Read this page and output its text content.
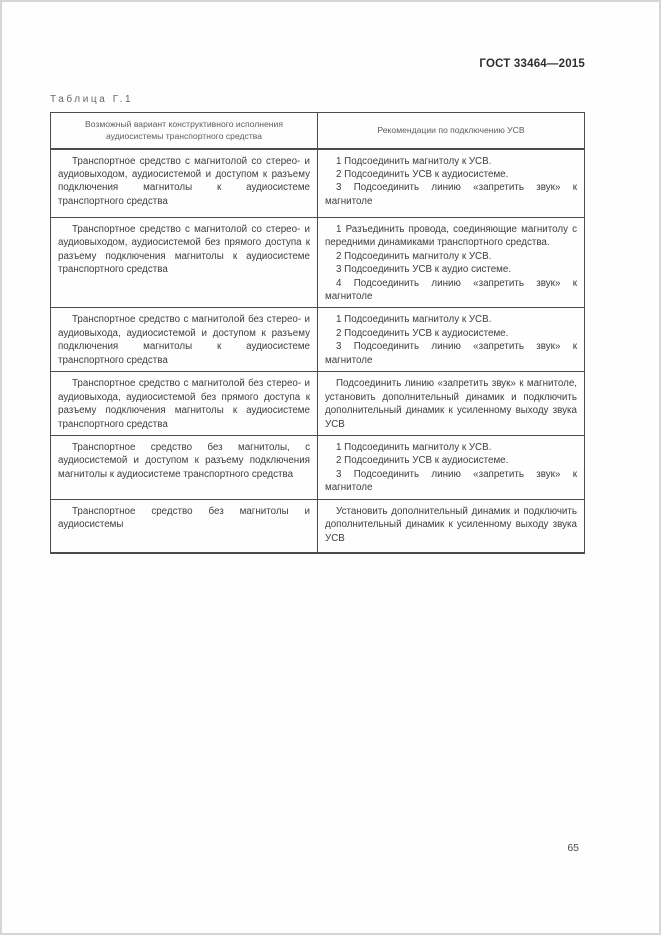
ГОСТ 33464—2015
Таблица Г.1
Возможный вариант конструктивного исполнения аудиосистемы транспортного средства	Рекомендации по подключению УСВ

Транспортное средство с магнитолой со стерео- и аудиовыходом, аудиосистемой и доступом к разъему подключения магнитолы к аудиосистеме транспортного средства	1 Подсоединить магнитолу к УСВ.
2 Подсоединить УСВ к аудиосистеме.
3 Подсоединить линию «запретить звук» к магнитоле

Транспортное средство с магнитолой со стерео- и аудиовыходом, аудиосистемой без прямого доступа к разъему подключения магнитолы к аудиосистеме транспортного средства	1 Разъединить провода, соединяющие магнитолу с передними динамиками транспортного средства.
2 Подсоединить магнитолу к УСВ.
3 Подсоединить УСВ к аудио системе.
4 Подсоединить линию «запретить звук» к магнитоле

Транспортное средство с магнитолой без стерео- и аудиовыхода, аудиосистемой и доступом к разъему подключения магнитолы к аудиосистеме транспортного средства	1 Подсоединить магнитолу к УСВ.
2 Подсоединить УСВ к аудиосистеме.
3 Подсоединить линию «запретить звук» к магнитоле

Транспортное средство с магнитолой без стерео- и аудиовыхода, аудиосистемой без прямого доступа к разъему подключения магнитолы к аудиосистеме транспортного средства	Подсоединить линию «запретить звук» к магнитоле, установить дополнительный динамик и подключить дополнительный динамик к усиленному выходу звука УСВ

Транспортное средство без магнитолы, с аудиосистемой и доступом к разъему подключения магнитолы к аудиосистеме транспортного средства	1 Подсоединить магнитолу к УСВ.
2 Подсоединить УСВ к аудиосистеме.
3 Подсоединить линию «запретить звук» к магнитоле

Транспортное средство без магнитолы и аудиосистемы	Установить дополнительный динамик и подключить дополнительный динамик к усиленному выходу звука УСВ
65
